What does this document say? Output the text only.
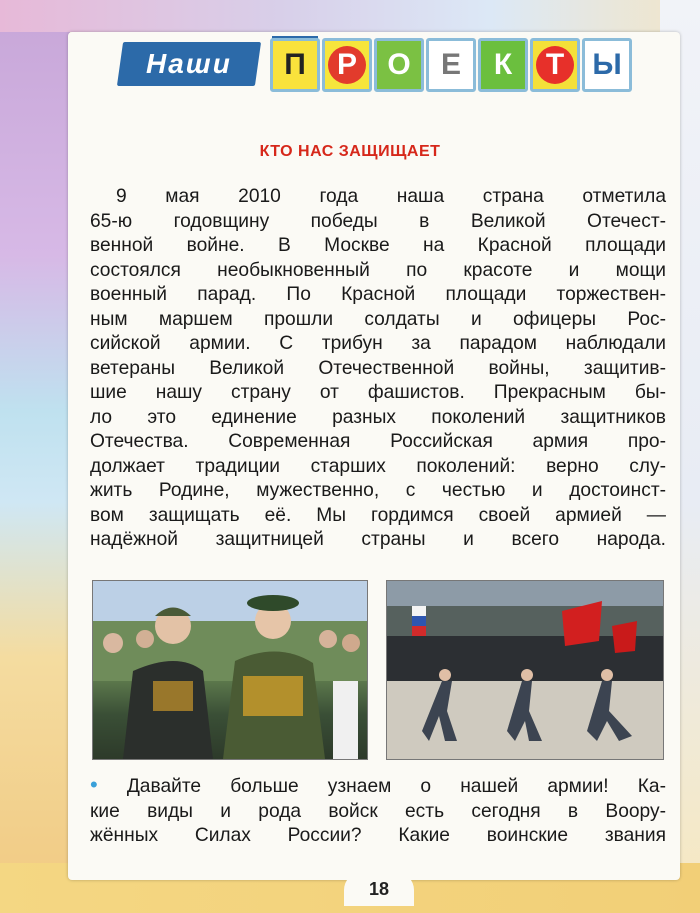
Наши	П	Р	О	Е	К	Т Ы
КТО НАС ЗАЩИЩАЕТ
9 мая 2010 года наша страна отметила
65-ю годовщину победы в Великой Отечест-
венной войне. В Москве на Красной площади
состоялся необыкновенный по красоте и мощи
военный парад. По Красной площади торжествен-
ным маршем прошли солдаты и офицеры Рос-
сийской армии. С трибун за парадом наблюдали
ветераны Великой Отечественной войны, защитив-
шие нашу страну от фашистов. Прекрасным бы-
ло это единение разных поколений защитников
Отечества. Современная Российская армия про-
должает традиции старших поколений: верно слу-
жить Родине, мужественно, с честью и достоинст-
вом защищать её. Мы гордимся своей армией —
надёжной защитницей страны и всего народа.
• Давайте больше узнаем о нашей армии! Ка-
кие виды и рода войск есть сегодня в Воору-
жённых Силах России? Какие воинские звания
18
